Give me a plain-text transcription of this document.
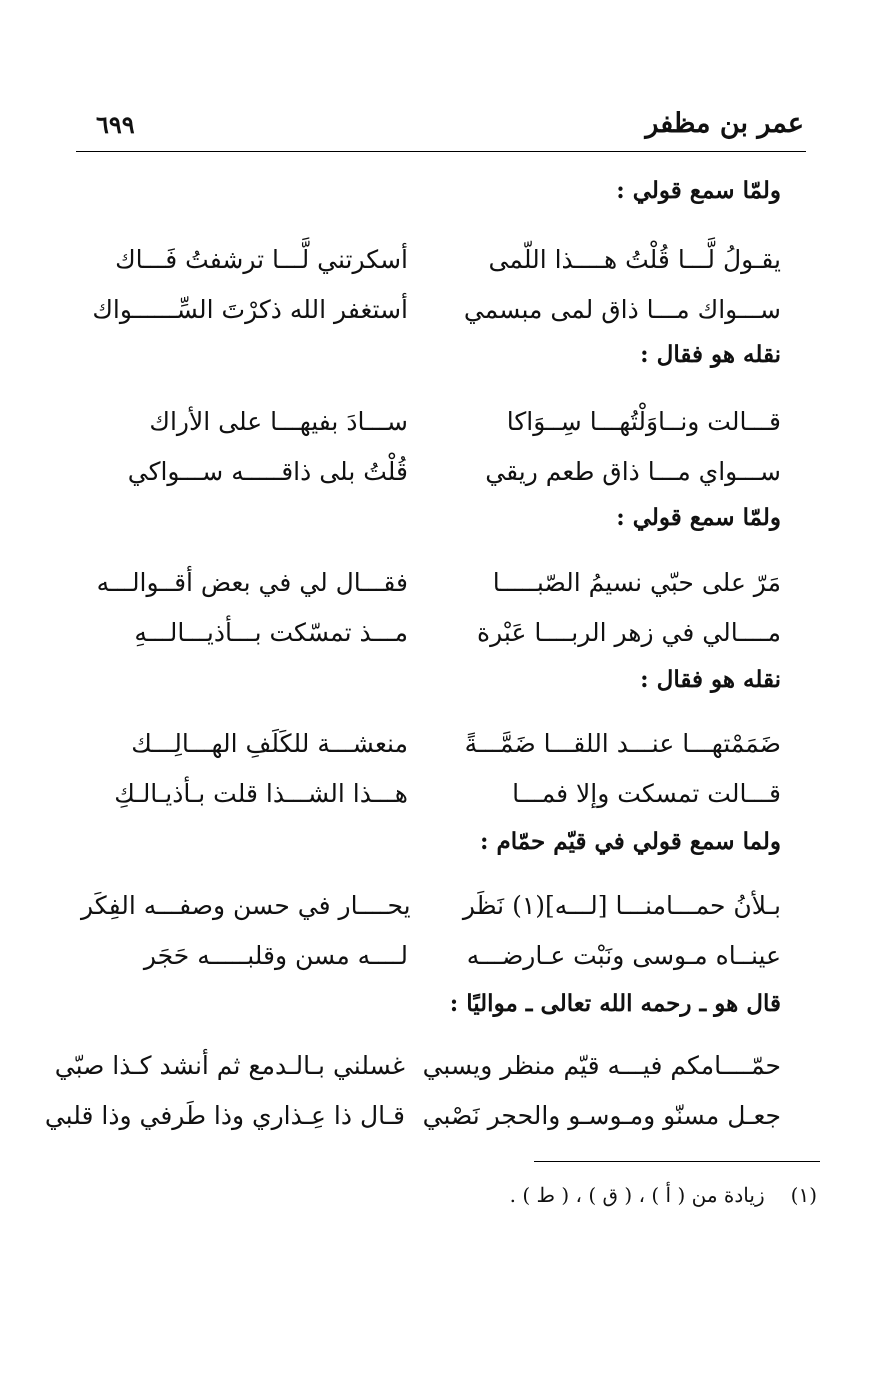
عمر بن مظفر
٦٩٩
ولمّا سمع قولي :
يقـولُ لَّـــا قُلْتُ هــــذا اللّمى
أسكرتني لَّـــا ترشفتُ فَـــاك
ســـواك مـــا ذاق لمى مبسمي
أستغفر الله ذكرْتَ السِّــــــواك
نقله هو فقال :
قـــالت ونــاوَلْتُهـــا سِــوَاكا
ســـادَ بفيهـــا على الأراك
ســـواي مـــا ذاق طعم ريقي
قُلْتُ بلى ذاقـــــه ســـواكي
ولمّا سمع قولي :
مَرّ على حبّي نسيمُ الصّبـــــا
فقـــال لي في بعض أقــوالـــه
مــــالي في زهر الربــــا عَبْرة
مـــذ تمسّكت بـــأذيـــالـــهِ
نقله هو فقال :
ضَمَمْتهـــا عنـــد اللقـــا ضَمَّـــةً
منعشـــة للكَلَفِ الهـــالِـــك
قـــالت تمسكت وإلا فمـــا
هـــذا الشـــذا قلت بـأذيـالـكِ
ولما سمع قولي في قيّم حمّام :
بـلأنُ حمـــامنـــا [لـــه](١) نَظَر
يحــــار في حسن وصفـــه الفِكَر
عينــاه مـوسى ونَبْت عـارضـــه
لــــه مسن وقلبـــــه حَجَر
قال هو ـ رحمه الله تعالى ـ مواليًا :
حمّــــامكم فيـــه قيّم منظر ويسبي
غسلني بـالـدمع ثم أنشد كـذا صبّي
جعـل مسنّو ومـوسـو والحجر نَصْبي
قـال ذا عِـذاري وذا طَرفي وذا قلبي
(١)زيادة من ( أ ) ، ( ق ) ، ( ط ) .
